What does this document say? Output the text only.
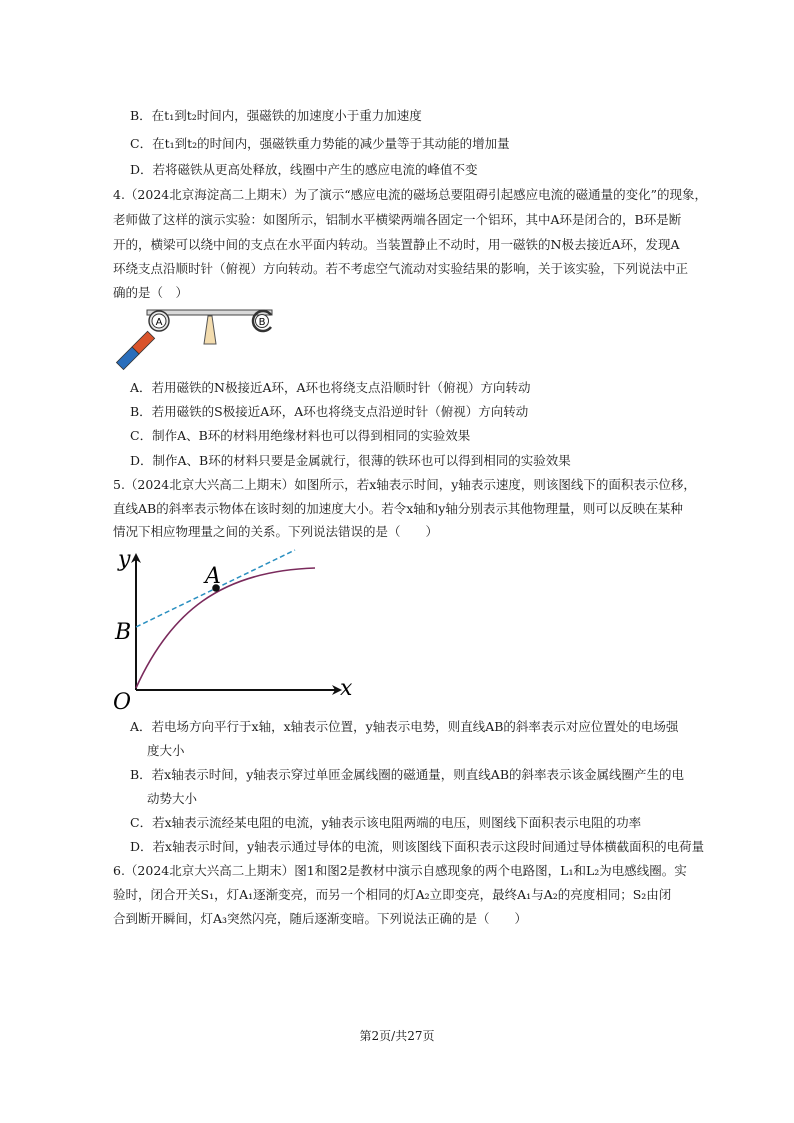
B．在t₁到t₂时间内，强磁铁的加速度小于重力加速度
C．在t₁到t₂的时间内，强磁铁重力势能的减少量等于其动能的增加量
D．若将磁铁从更高处释放，线圈中产生的感应电流的峰值不变
4.（2024北京海淀高二上期末）为了演示“感应电流的磁场总要阻碍引起感应电流的磁通量的变化”的现象，
老师做了这样的演示实验：如图所示，铝制水平横梁两端各固定一个铝环，其中A环是闭合的，B环是断
开的，横梁可以绕中间的支点在水平面内转动。当装置静止不动时，用一磁铁的N极去接近A环，发现A
环绕支点沿顺时针（俯视）方向转动。若不考虑空气流动对实验结果的影响，关于该实验，下列说法中正
确的是（　）
A	B
A．若用磁铁的N极接近A环，A环也将绕支点沿顺时针（俯视）方向转动
B．若用磁铁的S极接近A环，A环也将绕支点沿逆时针（俯视）方向转动
C．制作A、B环的材料用绝缘材料也可以得到相同的实验效果
D．制作A、B环的材料只要是金属就行，很薄的铁环也可以得到相同的实验效果
5.（2024北京大兴高二上期末）如图所示，若x轴表示时间，y轴表示速度，则该图线下的面积表示位移，
直线AB的斜率表示物体在该时刻的加速度大小。若令x轴和y轴分别表示其他物理量，则可以反映在某种
情况下相应物理量之间的关系。下列说法错误的是（　　）
y
A
B
O
x
A．若电场方向平行于x轴，x轴表示位置，y轴表示电势，则直线AB的斜率表示对应位置处的电场强
度大小
B．若x轴表示时间，y轴表示穿过单匝金属线圈的磁通量，则直线AB的斜率表示该金属线圈产生的电
动势大小
C．若x轴表示流经某电阻的电流，y轴表示该电阻两端的电压，则图线下面积表示电阻的功率
D．若x轴表示时间，y轴表示通过导体的电流，则该图线下面积表示这段时间通过导体横截面积的电荷量
6.（2024北京大兴高二上期末）图1和图2是教材中演示自感现象的两个电路图，L₁和L₂为电感线圈。实
验时，闭合开关S₁，灯A₁逐渐变亮，而另一个相同的灯A₂立即变亮，最终A₁与A₂的亮度相同；S₂由闭
合到断开瞬间，灯A₃突然闪亮，随后逐渐变暗。下列说法正确的是（　　）
第2页/共27页
